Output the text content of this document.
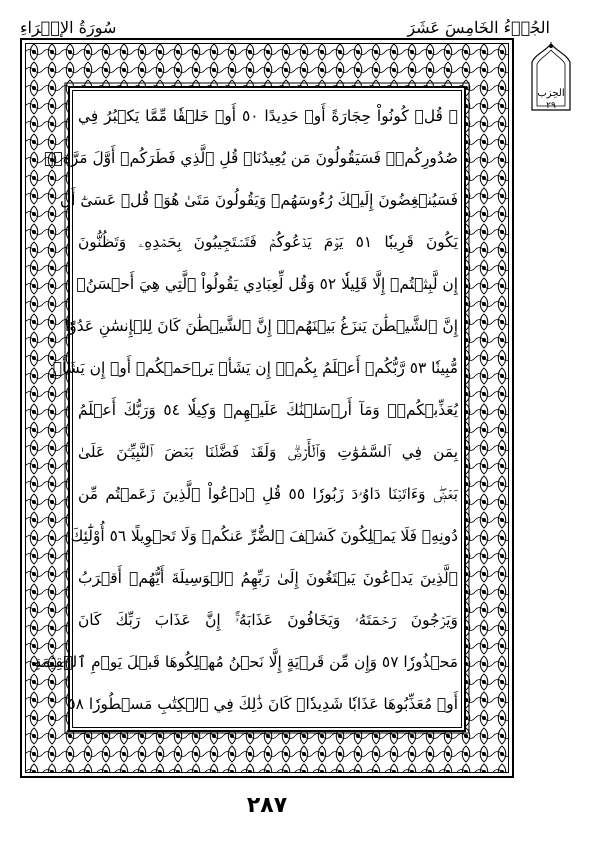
سُورَةُ الإِسۡرَاءِ	الجُزۡءُ الخَامِسَ عَشَرَ
الحِزب
٢٩
۞ قُلۡ كُونُواْ حِجَارَةً أَوۡ حَدِيدًا ٥٠ أَوۡ خَلۡقٗا مِّمَّا يَكۡبُرُ فِي
صُدُورِكُمۡۚ فَسَيَقُولُونَ مَن يُعِيدُنَاۖ قُلِ ٱلَّذِي فَطَرَكُمۡ أَوَّلَ مَرَّةٖۚ
فَسَيُنۡغِضُونَ إِلَيۡكَ رُءُوسَهُمۡ وَيَقُولُونَ مَتَىٰ هُوَۖ قُلۡ عَسَىٰٓ أَن
يَكُونَ قَرِيبٗا ٥١ يَوۡمَ يَدۡعُوكُمۡ فَتَسۡتَجِيبُونَ بِحَمۡدِهِۦ وَتَظُنُّونَ
إِن لَّبِثۡتُمۡ إِلَّا قَلِيلٗا ٥٢ وَقُل لِّعِبَادِي يَقُولُواْ ٱلَّتِي هِيَ أَحۡسَنُۚ
إِنَّ ٱلشَّيۡطَٰنَ يَنزَغُ بَيۡنَهُمۡۚ إِنَّ ٱلشَّيۡطَٰنَ كَانَ لِلۡإِنسَٰنِ عَدُوّٗا
مُّبِينٗا ٥٣ رَّبُّكُمۡ أَعۡلَمُ بِكُمۡۖ إِن يَشَأۡ يَرۡحَمۡكُمۡ أَوۡ إِن يَشَأۡ
يُعَذِّبۡكُمۡۚ وَمَآ أَرۡسَلۡنَٰكَ عَلَيۡهِمۡ وَكِيلٗا ٥٤ وَرَبُّكَ أَعۡلَمُ
بِمَن فِي ٱلسَّمَٰوَٰتِ وَٱلۡأَرۡضِۗ وَلَقَدۡ فَضَّلۡنَا بَعۡضَ ٱلنَّبِيِّـۧنَ عَلَىٰ
بَعۡضٖۖ وَءَاتَيۡنَا دَاوُۥدَ زَبُورٗا ٥٥ قُلِ ٱدۡعُواْ ٱلَّذِينَ زَعَمۡتُم مِّن
دُونِهِۦ فَلَا يَمۡلِكُونَ كَشۡفَ ٱلضُّرِّ عَنكُمۡ وَلَا تَحۡوِيلًا ٥٦ أُوْلَٰٓئِكَ
ٱلَّذِينَ يَدۡعُونَ يَبۡتَغُونَ إِلَىٰ رَبِّهِمُ ٱلۡوَسِيلَةَ أَيُّهُمۡ أَقۡرَبُ
وَيَرۡجُونَ رَحۡمَتَهُۥ وَيَخَافُونَ عَذَابَهُۥٓۚ إِنَّ عَذَابَ رَبِّكَ كَانَ
مَحۡذُورٗا ٥٧ وَإِن مِّن قَرۡيَةٍ إِلَّا نَحۡنُ مُهۡلِكُوهَا قَبۡلَ يَوۡمِ ٱلۡقِيَٰمَةِ
أَوۡ مُعَذِّبُوهَا عَذَابٗا شَدِيدٗاۚ كَانَ ذَٰلِكَ فِي ٱلۡكِتَٰبِ مَسۡطُورٗا ٥٨
٢٨٧
